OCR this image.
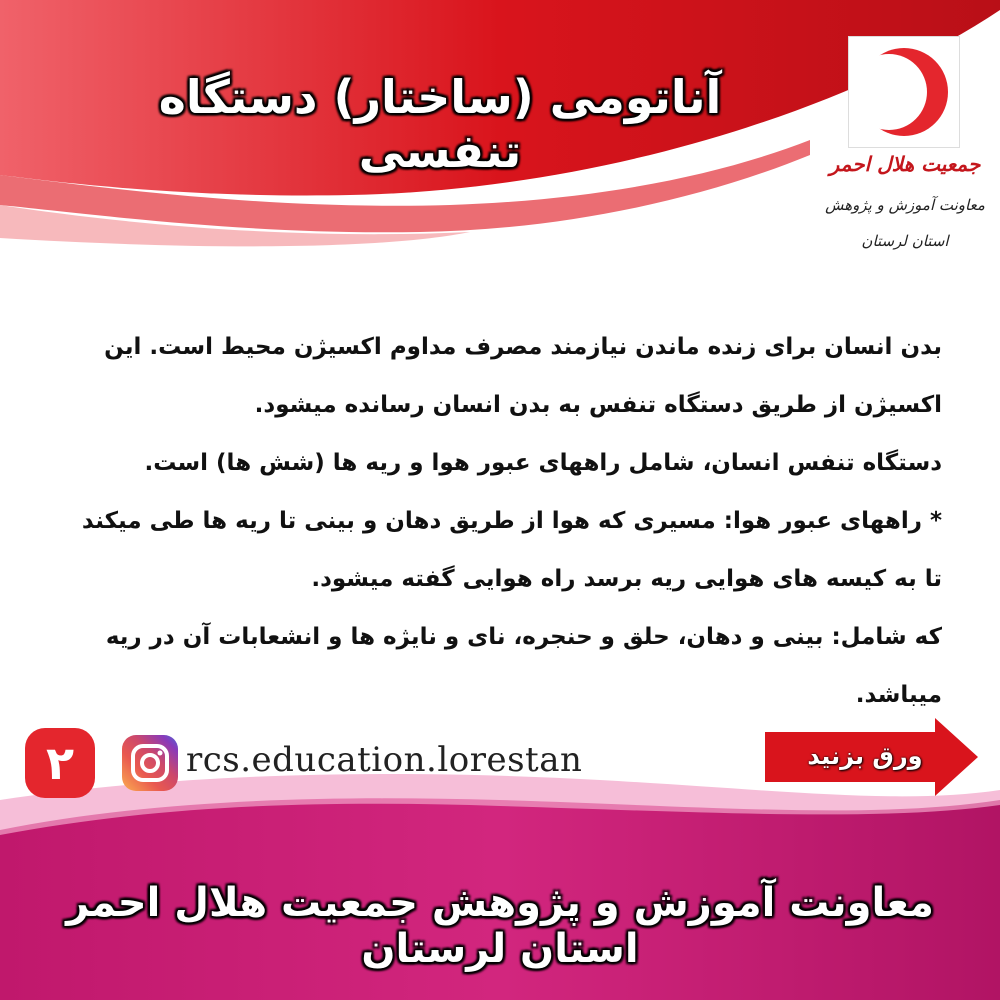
آناتومی (ساختار) دستگاه تنفسی	جمعیت هلال احمر
معاونت آموزش و پژوهش
استان لرستان

بدن انسان برای زنده ماندن نیازمند مصرف مداوم اکسیژن محیط است. این اکسیژن از طریق دستگاه تنفس به بدن انسان رسانده میشود.

دستگاه تنفس انسان، شامل راههای عبور هوا و ریه ها (شش ها) است.

* راههای عبور هوا: مسیری که هوا از طریق دهان و بینی تا ریه ها طی میکند تا به کیسه های هوایی ریه برسد راه هوایی گفته میشود.

که شامل: بینی و دهان، حلق و حنجره، نای و نایژه ها و انشعابات آن در ریه میباشد.

۲	rcs.education.lorestan	ورق بزنید
معاونت آموزش و پژوهش جمعیت هلال احمر استان لرستان
